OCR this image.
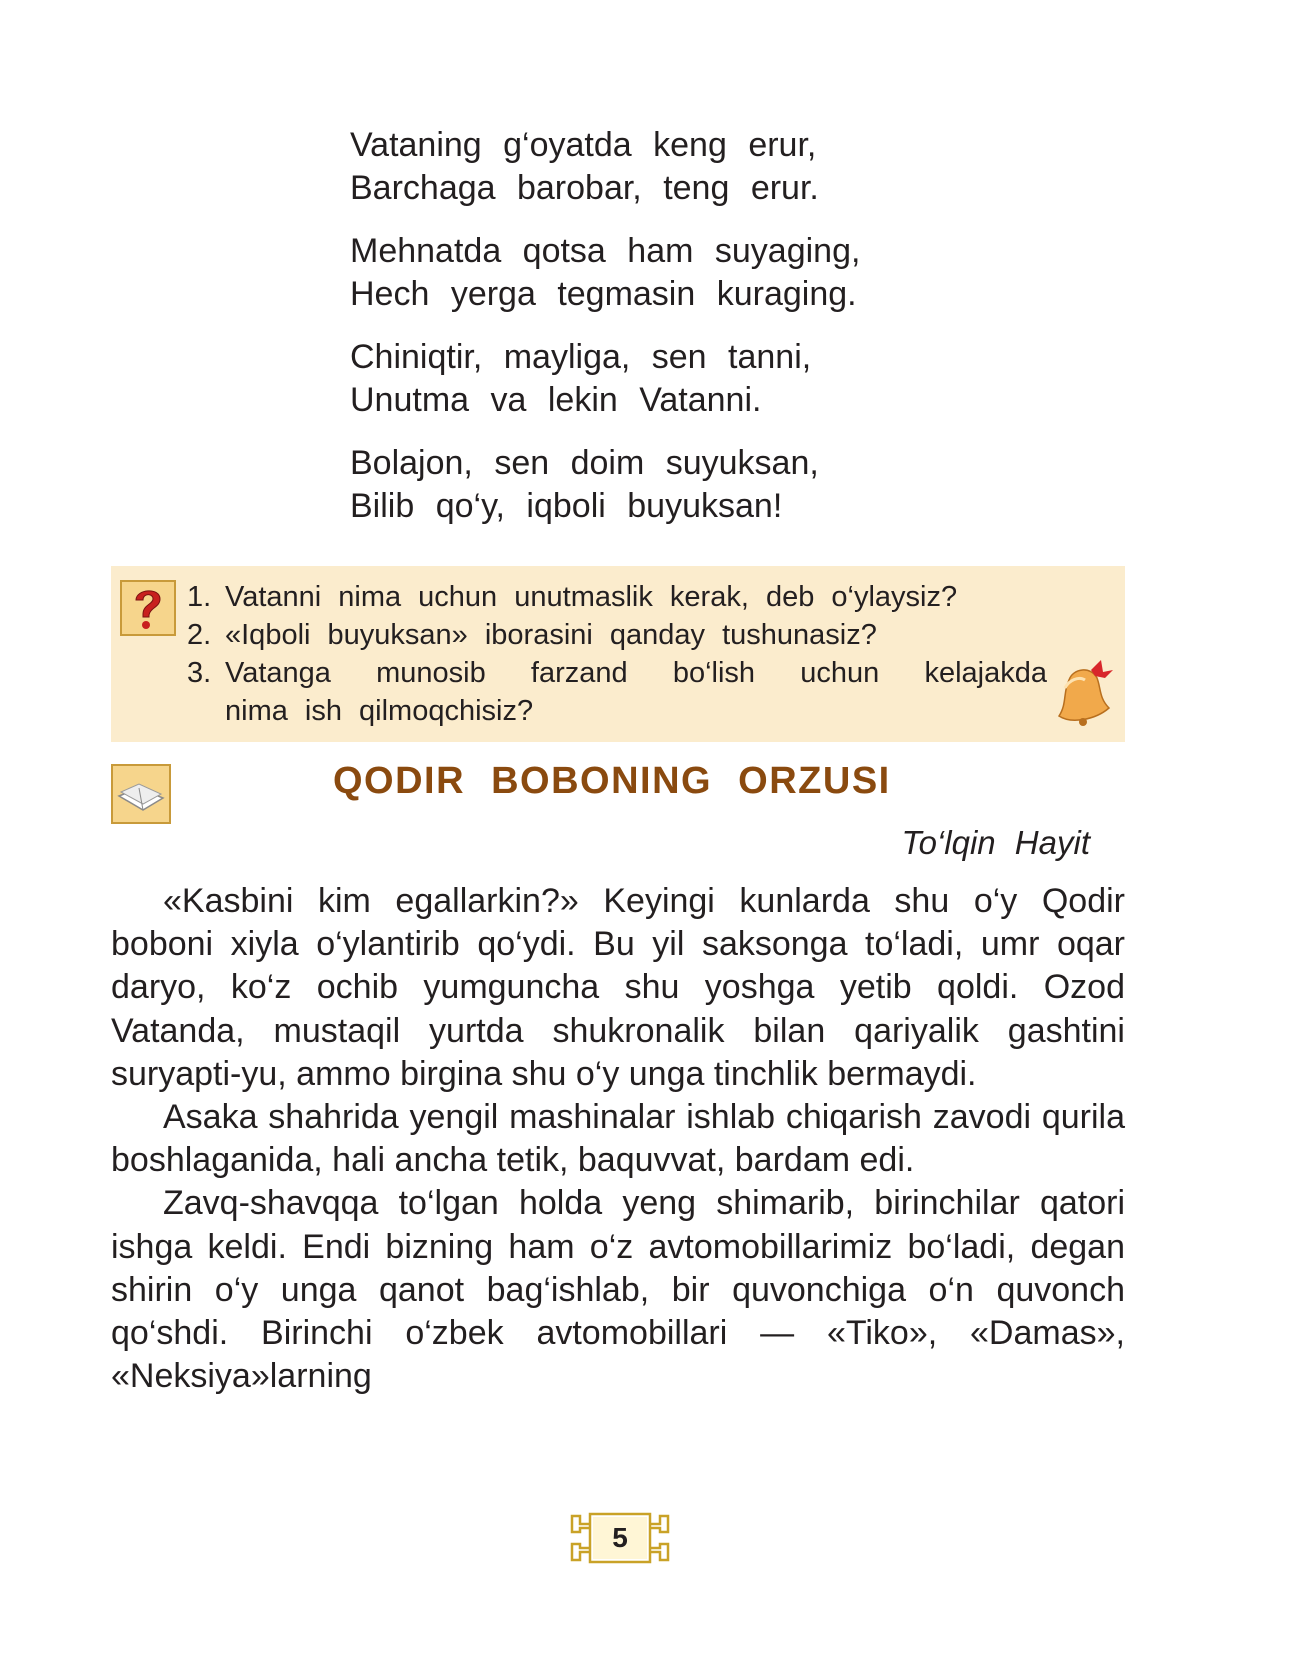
Vataning g‘oyatda keng erur,
Barchaga barobar, teng erur.
Mehnatda qotsa ham suyaging,
Hech yerga tegmasin kuraging.
Chiniqtir, mayliga, sen tanni,
Unutma va lekin Vatanni.
Bolajon, sen doim suyuksan,
Bilib qo‘y, iqboli buyuksan!
1. Vatanni nima uchun unutmaslik kerak, deb o‘ylaysiz?
2. «Iqboli buyuksan» iborasini qanday tushunasiz?
3. Vatanga munosib farzand bo‘lish uchun kelajakda
nima ish qilmoqchisiz?
QODIR BOBONING ORZUSI
To‘lqin Hayit

«Kasbini kim egallarkin?» Keyingi kunlarda shu o‘y Qodir boboni xiyla o‘ylantirib qo‘ydi. Bu yil saksonga to‘ladi, umr oqar daryo, ko‘z ochib yumguncha shu yoshga yetib qoldi. Ozod Vatanda, mustaqil yurtda shukronalik bilan qariyalik gashtini suryapti-yu, ammo birgina shu o‘y unga tinchlik bermaydi.

Asaka shahrida yengil mashinalar ishlab chiqarish zavodi qurila boshlaganida, hali ancha tetik, baquvvat, bardam edi.

Zavq-shavqqa to‘lgan holda yeng shimarib, birinchilar qatori ishga keldi. Endi bizning ham o‘z avtomobillarimiz bo‘ladi, degan shirin o‘y unga qanot bag‘ishlab, bir quvonchiga o‘n quvonch qo‘shdi. Birinchi o‘zbek avtomobillari — «Tiko», «Damas», «Neksiya»larning

5
